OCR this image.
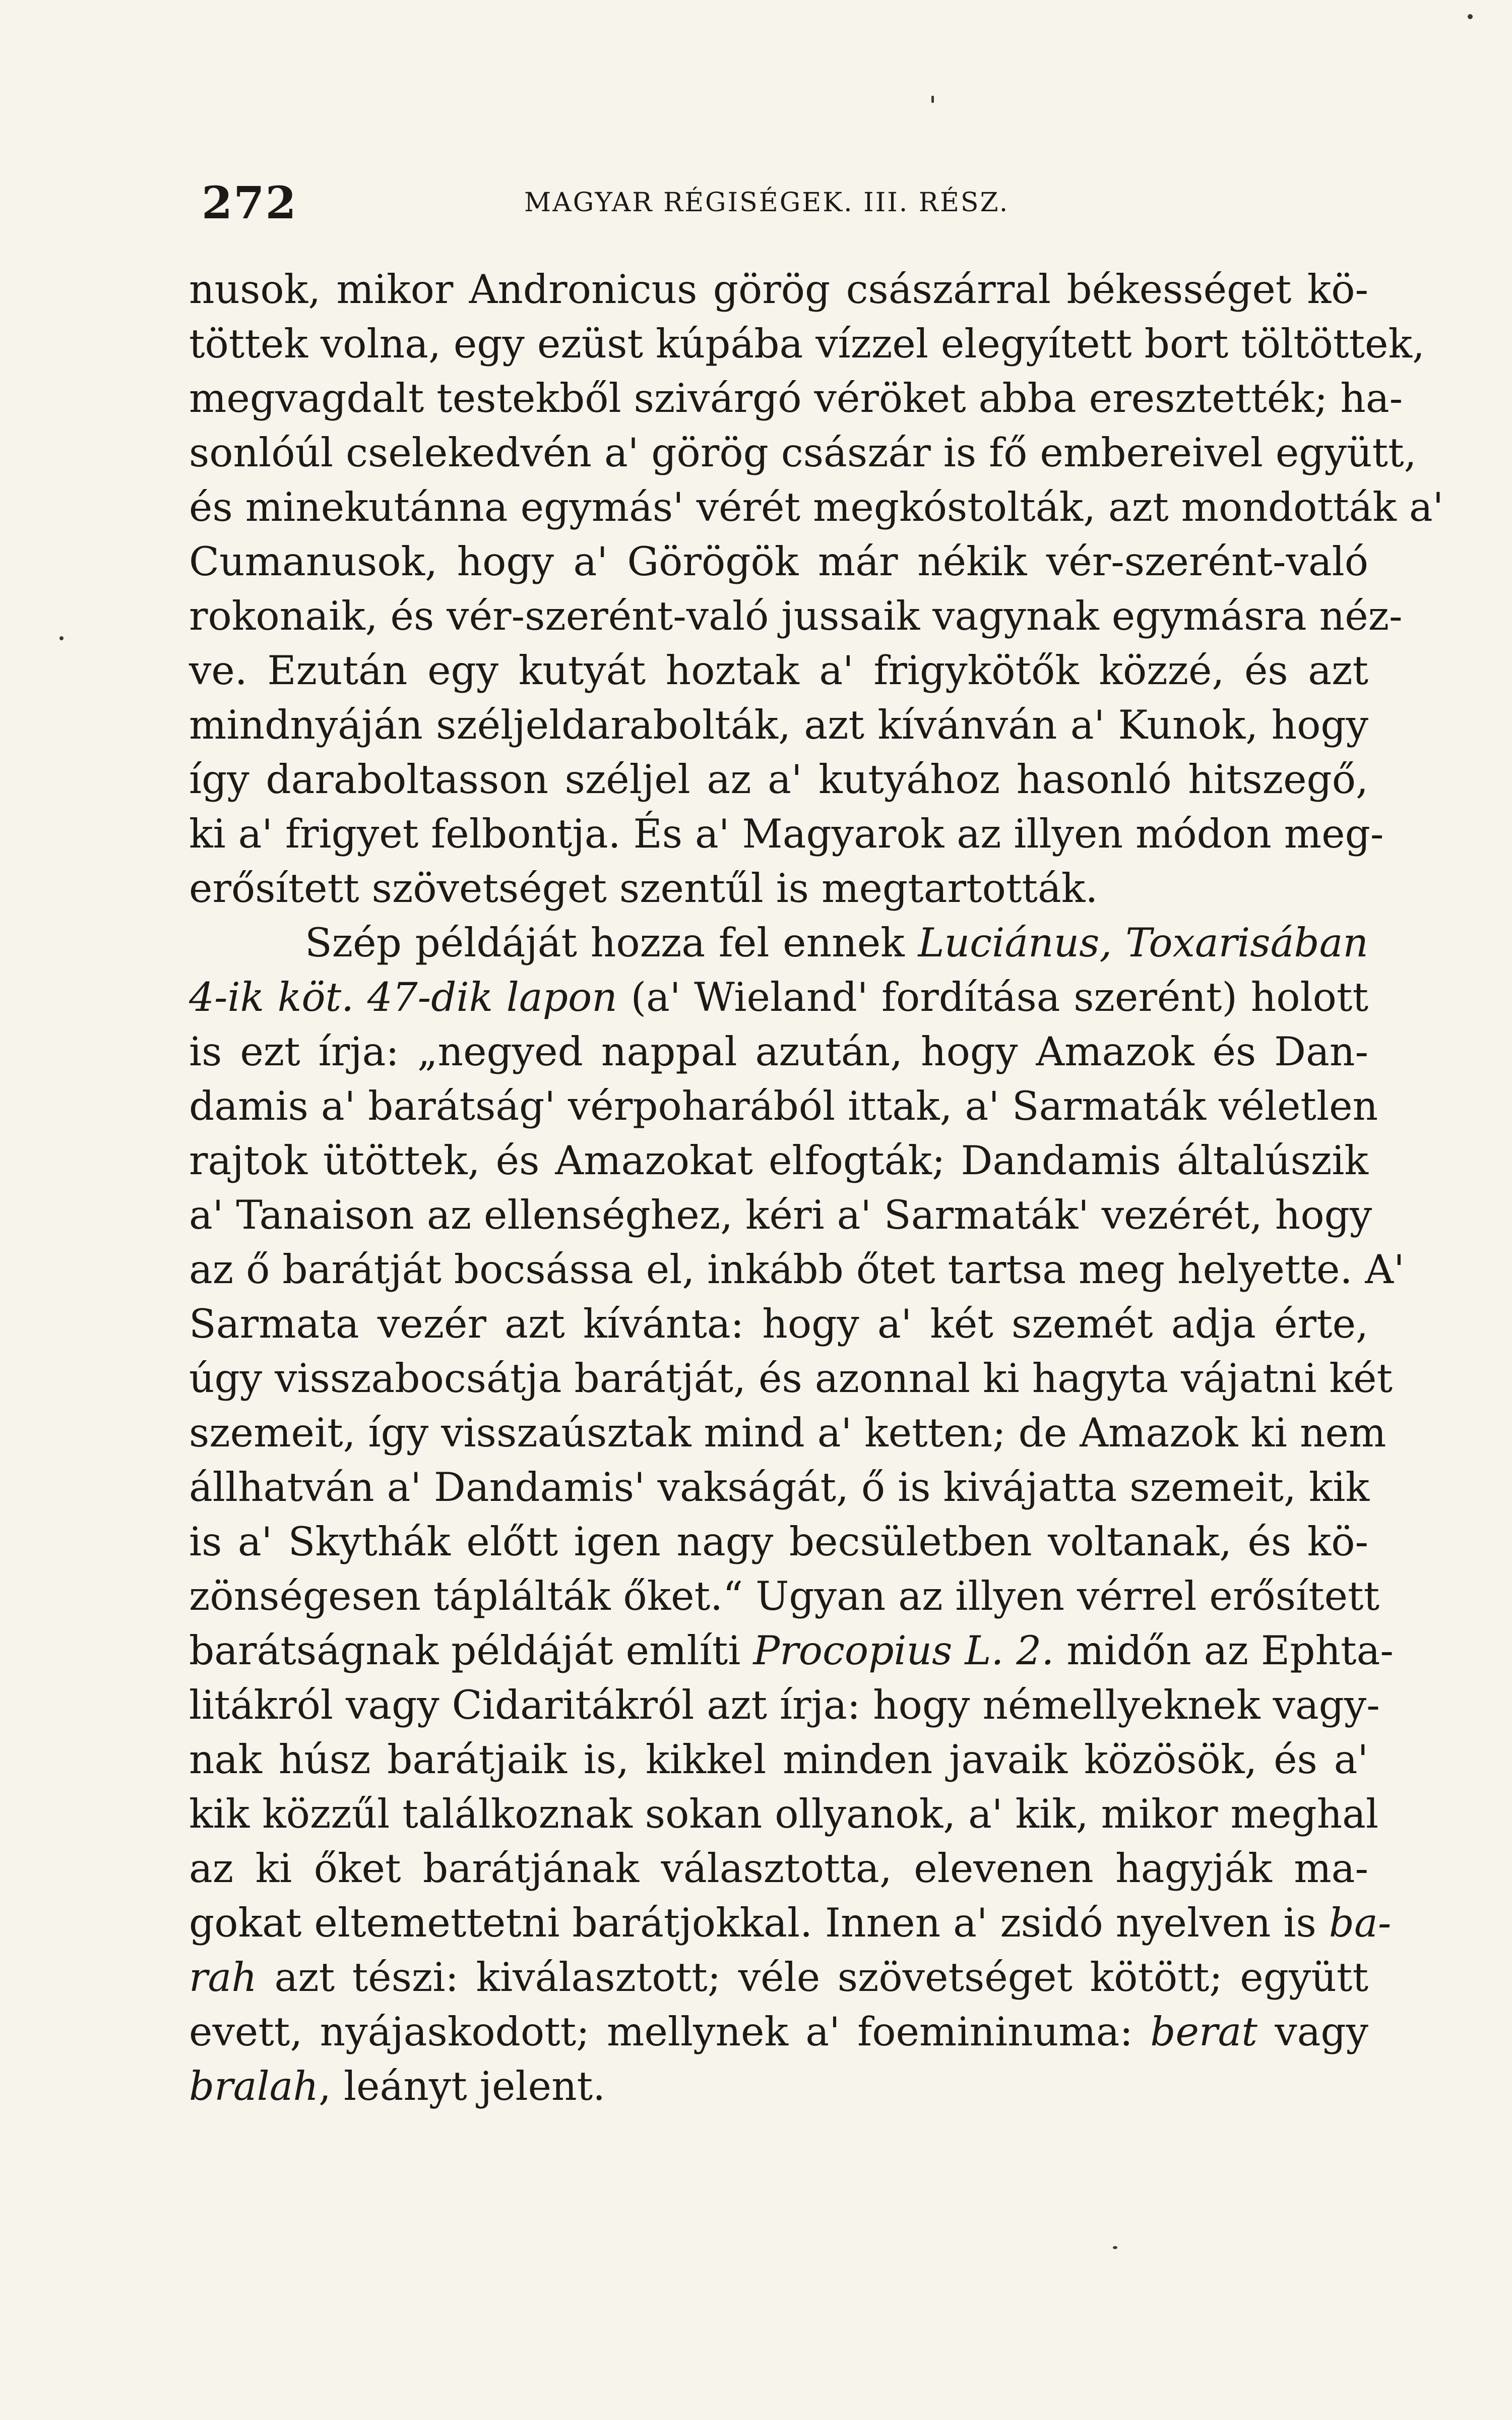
272	MAGYAR RÉGISÉGEK. III. RÉSZ.
nusok, mikor Andronicus görög császárral békességet kö-
töttek volna, egy ezüst kúpába vízzel elegyített bort töltöttek,
megvagdalt testekből szivárgó véröket abba eresztették; ha-
sonlóúl cselekedvén a' görög császár is fő embereivel együtt,
és minekutánna egymás' vérét megkóstolták, azt mondották a'
Cumanusok, hogy a' Görögök már nékik vér-szerént-való
rokonaik, és vér-szerént-való jussaik vagynak egymásra néz-
ve. Ezután egy kutyát hoztak a' frigykötők közzé, és azt
mindnyáján széljeldarabolták, azt kívánván a' Kunok, hogy
így daraboltasson széljel az a' kutyához hasonló hitszegő,
ki a' frigyet felbontja. És a' Magyarok az illyen módon meg-
erősített szövetséget szentűl is megtartották.
Szép példáját hozza fel ennek Luciánus, Toxarisában
4-ik köt. 47-dik lapon (a' Wieland' fordítása szerént) holott
is ezt írja: „negyed nappal azután, hogy Amazok és Dan-
damis a' barátság' vérpoharából ittak, a' Sarmaták véletlen
rajtok ütöttek, és Amazokat elfogták; Dandamis általúszik
a' Tanaison az ellenséghez, kéri a' Sarmaták' vezérét, hogy
az ő barátját bocsássa el, inkább őtet tartsa meg helyette. A'
Sarmata vezér azt kívánta: hogy a' két szemét adja érte,
úgy visszabocsátja barátját, és azonnal ki hagyta vájatni két
szemeit, így visszaúsztak mind a' ketten; de Amazok ki nem
állhatván a' Dandamis' vakságát, ő is kivájatta szemeit, kik
is a' Skythák előtt igen nagy becsületben voltanak, és kö-
zönségesen táplálták őket.“ Ugyan az illyen vérrel erősített
barátságnak példáját említi Procopius L. 2. midőn az Ephta-
litákról vagy Cidaritákról azt írja: hogy némellyeknek vagy-
nak húsz barátjaik is, kikkel minden javaik közösök, és a'
kik közzűl találkoznak sokan ollyanok, a' kik, mikor meghal
az ki őket barátjának választotta, elevenen hagyják ma-
gokat eltemettetni barátjokkal. Innen a' zsidó nyelven is ba-
rah azt tészi: kiválasztott; véle szövetséget kötött; együtt
evett, nyájaskodott; mellynek a' foemininuma: berat vagy
bralah, leányt jelent.
